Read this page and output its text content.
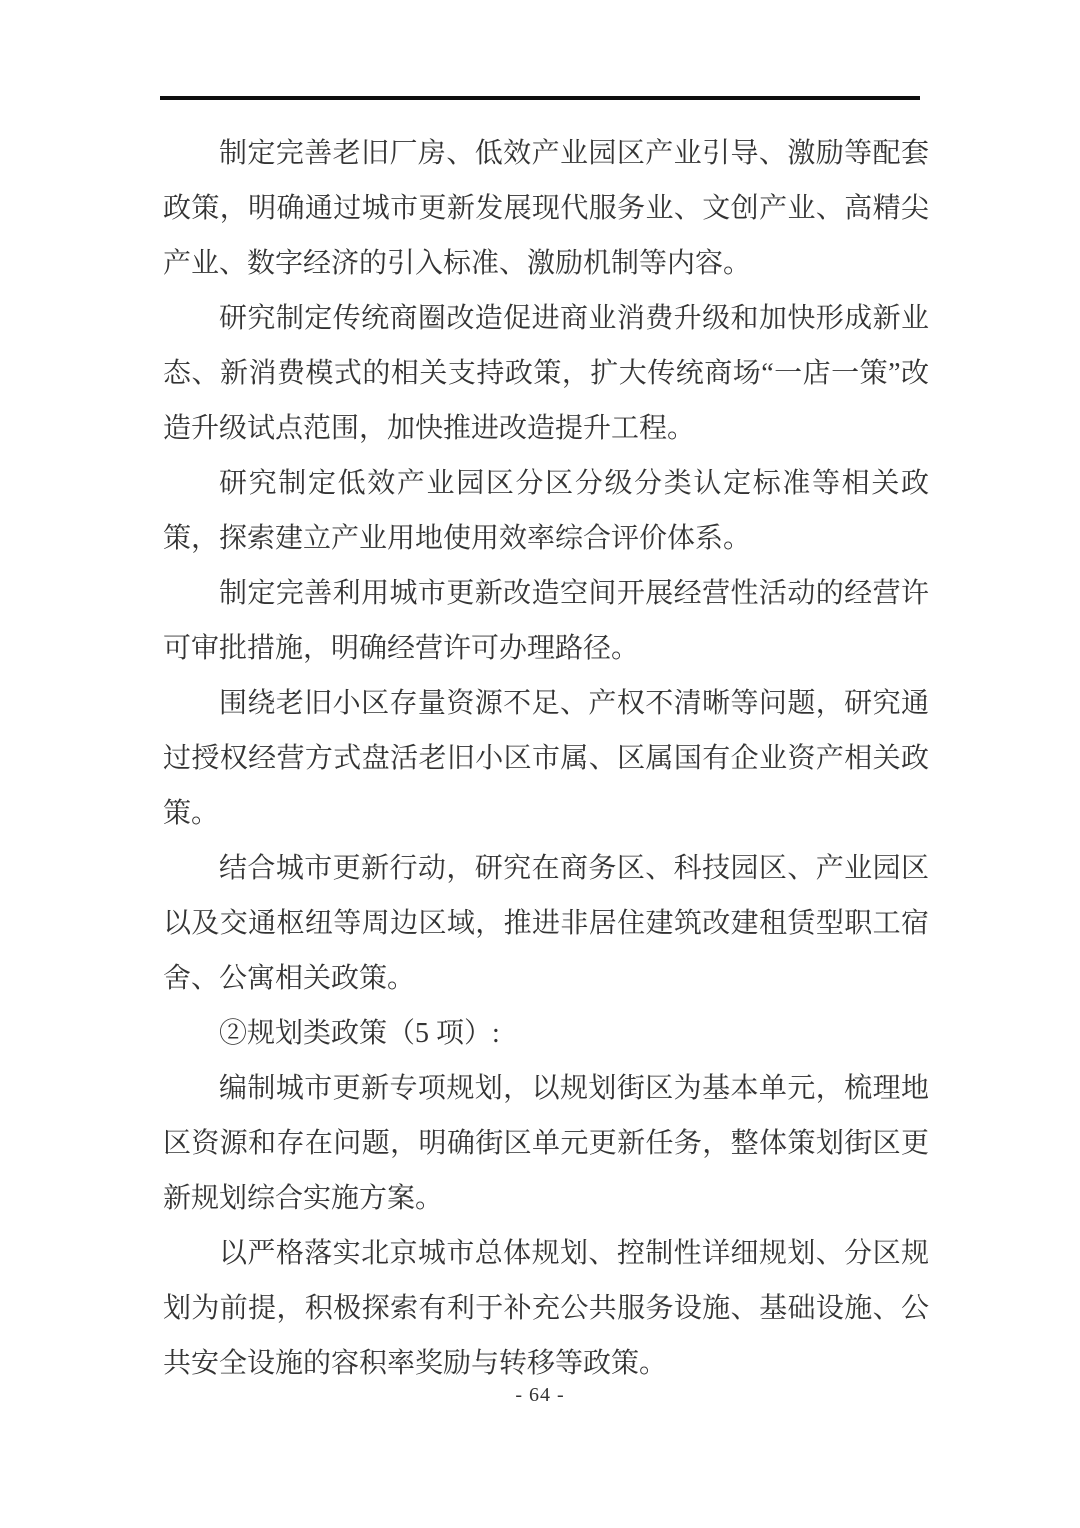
制定完善老旧厂房、低效产业园区产业引导、激励等配套政策，明确通过城市更新发展现代服务业、文创产业、高精尖产业、数字经济的引入标准、激励机制等内容。

研究制定传统商圈改造促进商业消费升级和加快形成新业态、新消费模式的相关支持政策，扩大传统商场“一店一策”改造升级试点范围，加快推进改造提升工程。

研究制定低效产业园区分区分级分类认定标准等相关政策，探索建立产业用地使用效率综合评价体系。

制定完善利用城市更新改造空间开展经营性活动的经营许可审批措施，明确经营许可办理路径。

围绕老旧小区存量资源不足、产权不清晰等问题，研究通过授权经营方式盘活老旧小区市属、区属国有企业资产相关政策。

结合城市更新行动，研究在商务区、科技园区、产业园区以及交通枢纽等周边区域，推进非居住建筑改建租赁型职工宿舍、公寓相关政策。

②规划类政策（5 项）:

编制城市更新专项规划，以规划街区为基本单元，梳理地区资源和存在问题，明确街区单元更新任务，整体策划街区更新规划综合实施方案。

以严格落实北京城市总体规划、控制性详细规划、分区规划为前提，积极探索有利于补充公共服务设施、基础设施、公共安全设施的容积率奖励与转移等政策。

- 64 -
